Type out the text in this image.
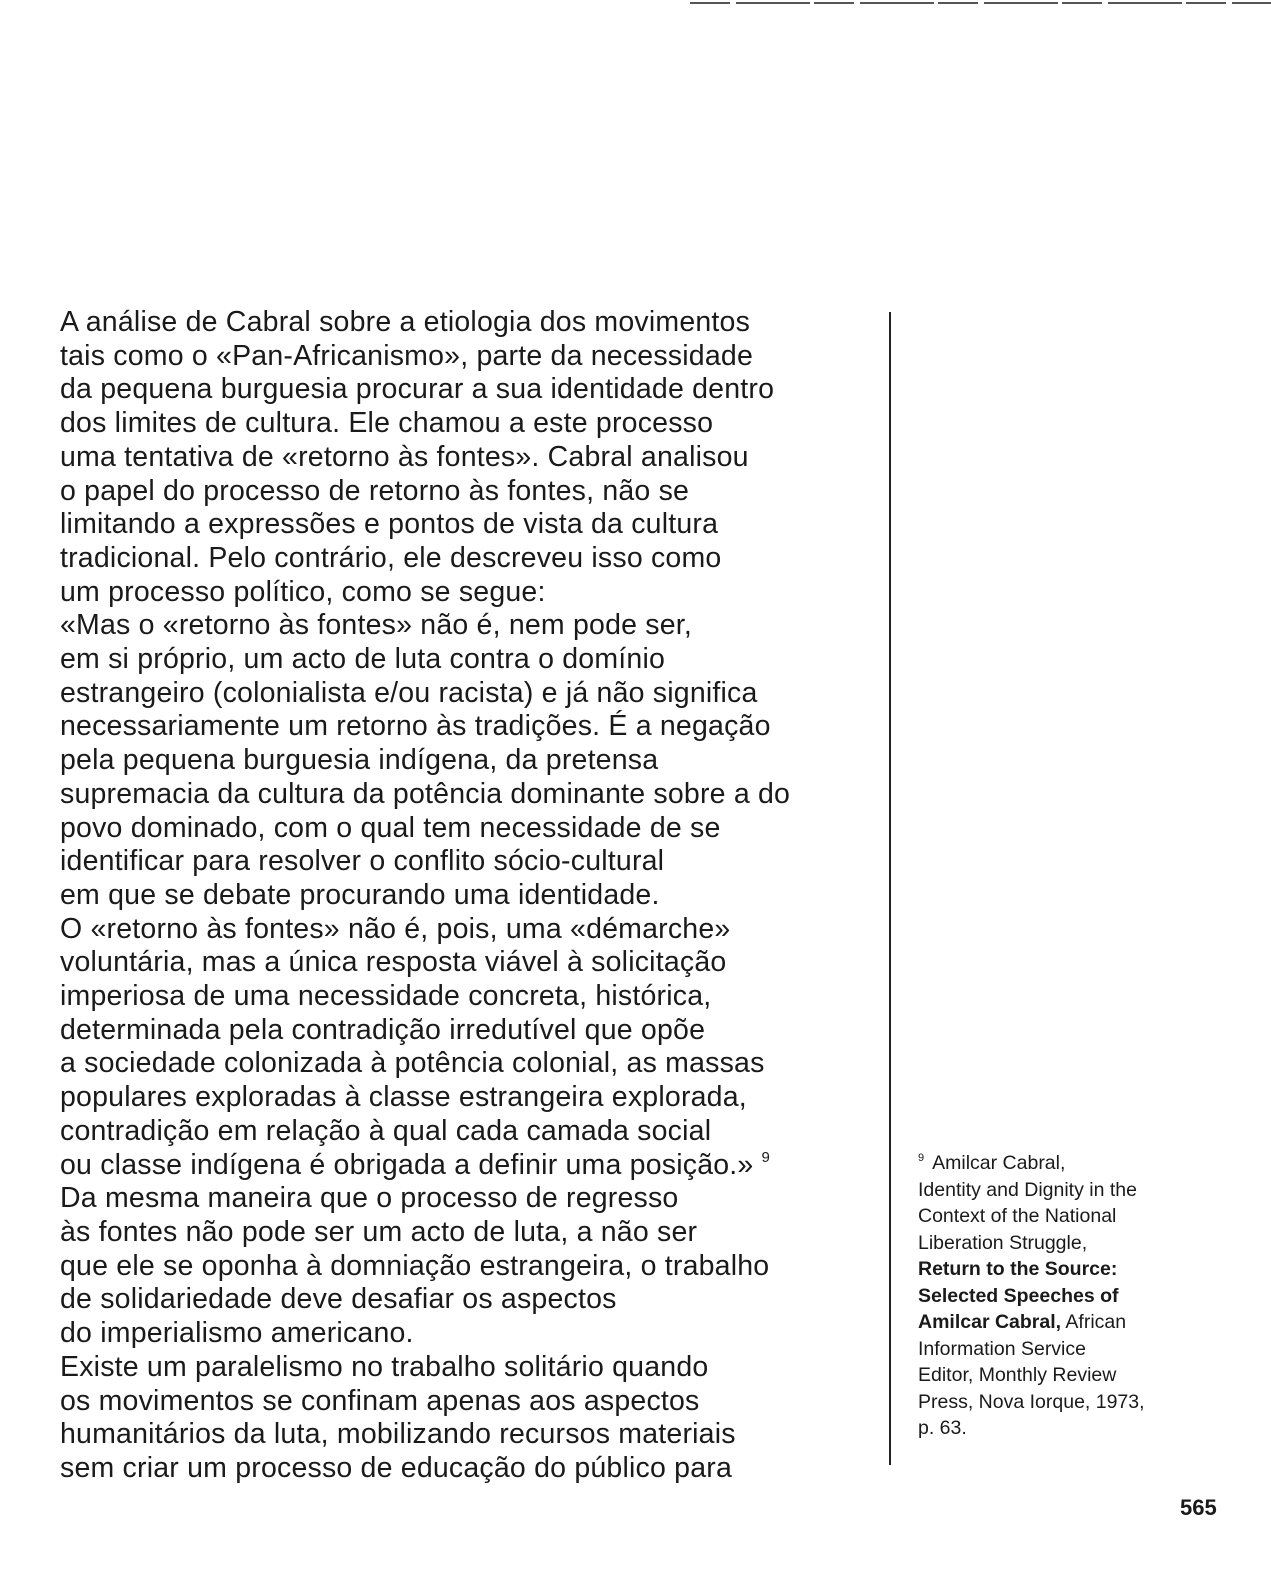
A análise de Cabral sobre a etiologia dos movimentos
tais como o «Pan-Africanismo», parte da necessidade
da pequena burguesia procurar a sua identidade dentro
dos limites de cultura. Ele chamou a este processo
uma tentativa de «retorno às fontes». Cabral analisou
o papel do processo de retorno às fontes, não se
limitando a expressões e pontos de vista da cultura
tradicional. Pelo contrário, ele descreveu isso como
um processo político, como se segue:
«Mas o «retorno às fontes» não é, nem pode ser,
em si próprio, um acto de luta contra o domínio
estrangeiro (colonialista e/ou racista) e já não significa
necessariamente um retorno às tradições. É a negação
pela pequena burguesia indígena, da pretensa
supremacia da cultura da potência dominante sobre a do
povo dominado, com o qual tem necessidade de se
identificar para resolver o conflito sócio-cultural
em que se debate procurando uma identidade.
O «retorno às fontes» não é, pois, uma «démarche»
voluntária, mas a única resposta viável à solicitação
imperiosa de uma necessidade concreta, histórica,
determinada pela contradição irredutível que opõe
a sociedade colonizada à potência colonial, as massas
populares exploradas à classe estrangeira explorada,
contradição em relação à qual cada camada social
ou classe indígena é obrigada a definir uma posição.» $^9$
Da mesma maneira que o processo de regresso
às fontes não pode ser um acto de luta, a não ser
que ele se oponha à domniação estrangeira, o trabalho
de solidariedade deve desafiar os aspectos
do imperialismo americano.
Existe um paralelismo no trabalho solitário quando
os movimentos se confinam apenas aos aspectos
humanitários da luta, mobilizando recursos materiais
sem criar um processo de educação do público para
$^9$ Amilcar Cabral,
Identity and Dignity in the
Context of the National
Liberation Struggle,
Return to the Source:
Selected Speeches of
Amilcar Cabral, African
Information Service
Editor, Monthly Review
Press, Nova Iorque, 1973,
p. 63.
565
